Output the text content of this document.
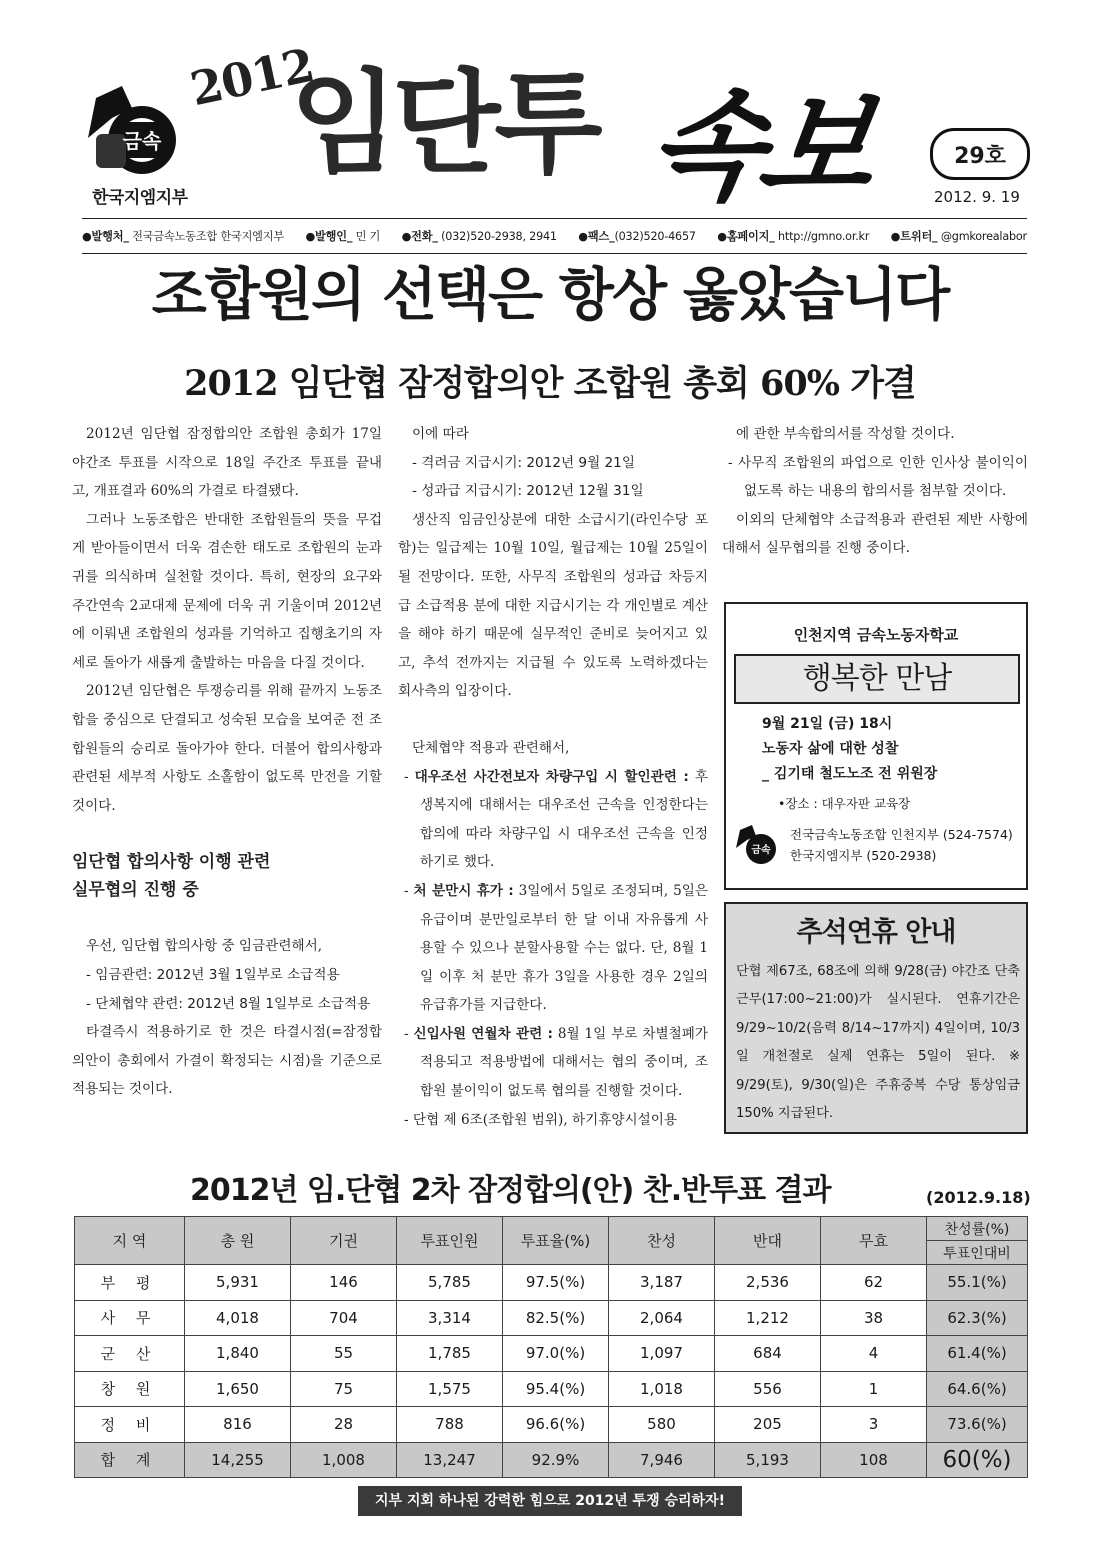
금속
한국지엠지부
2012
임단투 속보	29호
2012. 9. 19
●발행처_ 전국금속노동조합 한국지엠지부 ●발행인_ 민 기 ●전화_ (032)520-2938, 2941 ●팩스_(032)520-4657 ●홈페이지_ http://gmno.or.kr ●트위터_ @gmkorealabor
조합원의 선택은 항상 옳았습니다
2012 임단협 잠정합의안 조합원 총회 60% 가결

2012년 임단협 잠정합의안 조합원 총회가 17일 야간조 투표를 시작으로 18일 주간조 투표를 끝내고, 개표결과 60%의 가결로 타결됐다.

그러나 노동조합은 반대한 조합원들의 뜻을 무겁게 받아들이면서 더욱 겸손한 태도로 조합원의 눈과 귀를 의식하며 실천할 것이다. 특히, 현장의 요구와 주간연속 2교대제 문제에 더욱 귀 기울이며 2012년에 이뤄낸 조합원의 성과를 기억하고 집행초기의 자세로 돌아가 새롭게 출발하는 마음을 다질 것이다.

2012년 임단협은 투쟁승리를 위해 끝까지 노동조합을 중심으로 단결되고 성숙된 모습을 보여준 전 조합원들의 승리로 돌아가야 한다. 더불어 합의사항과 관련된 세부적 사항도 소홀함이 없도록 만전을 기할 것이다.

임단협 합의사항 이행 관련
실무협의 진행 중

우선, 임단협 합의사항 중 임금관련해서,

- 임금관련: 2012년 3월 1일부로 소급적용

- 단체협약 관련: 2012년 8월 1일부로 소급적용

타결즉시 적용하기로 한 것은 타결시점(=잠정합의안이 총회에서 가결이 확정되는 시점)을 기준으로 적용되는 것이다.

이에 따라

- 격려금 지급시기: 2012년 9월 21일

- 성과급 지급시기: 2012년 12월 31일

생산직 임금인상분에 대한 소급시기(라인수당 포함)는 일급제는 10월 10일, 월급제는 10월 25일이 될 전망이다. 또한, 사무직 조합원의 성과급 차등지급 소급적용 분에 대한 지급시기는 각 개인별로 계산을 해야 하기 때문에 실무적인 준비로 늦어지고 있고, 추석 전까지는 지급될 수 있도록 노력하겠다는 회사측의 입장이다.

단체협약 적용과 관련해서,

- 대우조선 사간전보자 차량구입 시 할인관련 : 후생복지에 대해서는 대우조선 근속을 인정한다는 합의에 따라 차량구입 시 대우조선 근속을 인정하기로 했다.

- 처 분만시 휴가 : 3일에서 5일로 조정되며, 5일은 유급이며 분만일로부터 한 달 이내 자유롭게 사용할 수 있으나 분할사용할 수는 없다. 단, 8월 1일 이후 처 분만 휴가 3일을 사용한 경우 2일의 유급휴가를 지급한다.

- 신입사원 연월차 관련 : 8월 1일 부로 차별철폐가 적용되고 적용방법에 대해서는 협의 중이며, 조합원 불이익이 없도록 협의를 진행할 것이다.

- 단협 제 6조(조합원 범위), 하기휴양시설이용

에 관한 부속합의서를 작성할 것이다.

- 사무직 조합원의 파업으로 인한 인사상 불이익이 없도록 하는 내용의 합의서를 첨부할 것이다.

이외의 단체협약 소급적용과 관련된 제반 사항에 대해서 실무협의를 진행 중이다.

인천지역 금속노동자학교
행복한 만남
9월 21일 (금) 18시
노동자 삶에 대한 성찰
_ 김기태 철도노조 전 위원장
•장소 : 대우자판 교육장
금속
전국금속노동조합 인천지부 (524-7574)
한국지엠지부 (520-2938)
추석연휴 안내
단협 제67조, 68조에 의해 9/28(금) 야간조 단축근무(17:00~21:00)가 실시된다. 연휴기간은 9/29~10/2(음력 8/14~17까지) 4일이며, 10/3일 개천절로 실제 연휴는 5일이 된다. ※ 9/29(토), 9/30(일)은 주휴중복 수당 통상임금 150% 지급된다.
2012년 임.단협 2차 잠정합의(안) 찬.반투표 결과	(2012.9.18)
지 역	총 원	기권	투표인원	투표율(%)	찬성	반대	무효	찬성률(%)
								투표인대비
부 평	5,931	146	5,785	97.5(%)	3,187	2,536	62	55.1(%)
사 무	4,018	704	3,314	82.5(%)	2,064	1,212	38	62.3(%)
군 산	1,840	55	1,785	97.0(%)	1,097	684	4	61.4(%)
창 원	1,650	75	1,575	95.4(%)	1,018	556	1	64.6(%)
정 비	816	28	788	96.6(%)	580	205	3	73.6(%)
합 계	14,255	1,008	13,247	92.9%	7,946	5,193	108	60(%)
지부 지회 하나된 강력한 힘으로 2012년 투쟁 승리하자!
